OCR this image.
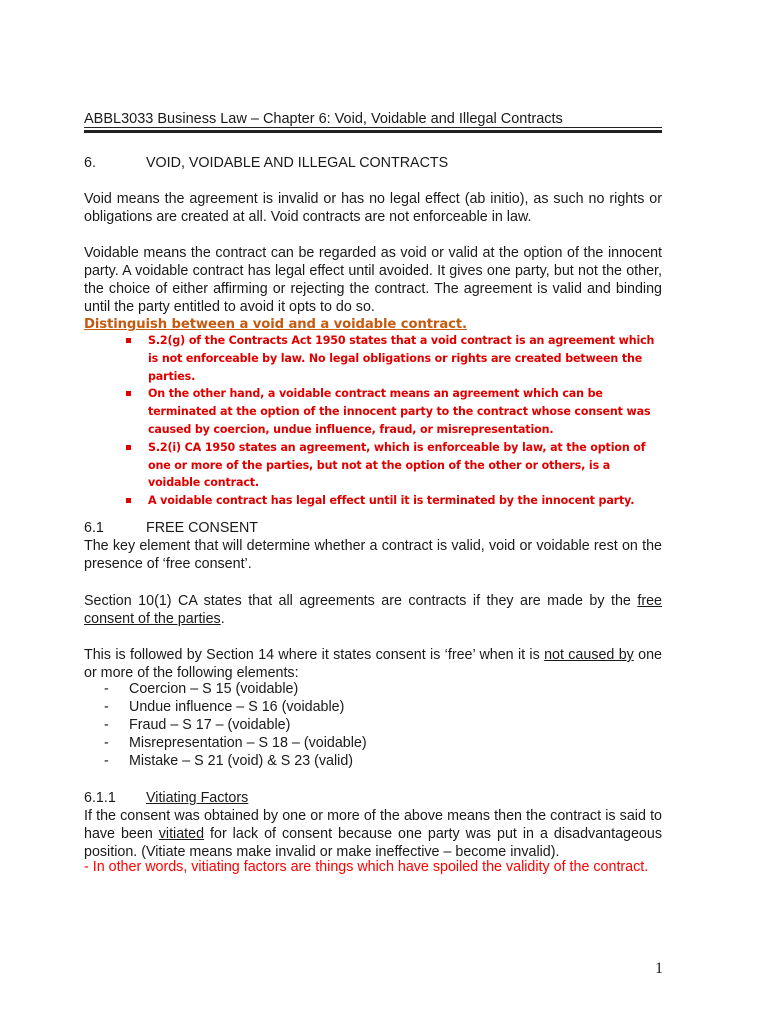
ABBL3033 Business Law – Chapter 6: Void, Voidable and Illegal Contracts
6.	VOID, VOIDABLE AND ILLEGAL CONTRACTS
Void means the agreement is invalid or has no legal effect (ab initio), as such no rights or obligations are created at all. Void contracts are not enforceable in law.
Voidable means the contract can be regarded as void or valid at the option of the innocent party. A voidable contract has legal effect until avoided. It gives one party, but not the other, the choice of either affirming or rejecting the contract. The agreement is valid and binding until the party entitled to avoid it opts to do so.
Distinguish between a void and a voidable contract.
S.2(g) of the Contracts Act 1950 states that a void contract is an agreement which is not enforceable by law. No legal obligations or rights are created between the parties.
On the other hand, a voidable contract means an agreement which can be terminated at the option of the innocent party to the contract whose consent was caused by coercion, undue influence, fraud, or misrepresentation.
S.2(i) CA 1950 states an agreement, which is enforceable by law, at the option of one or more of the parties, but not at the option of the other or others, is a voidable contract.
A voidable contract has legal effect until it is terminated by the innocent party.
6.1	FREE CONSENT
The key element that will determine whether a contract is valid, void or voidable rest on the presence of ‘free consent’.
Section 10(1) CA states that all agreements are contracts if they are made by the free consent of the parties.
This is followed by Section 14 where it states consent is ‘free’ when it is not caused by one or more of the following elements:
- Coercion – S 15 (voidable)
- Undue influence – S 16 (voidable)
- Fraud – S 17 – (voidable)
- Misrepresentation – S 18 – (voidable)
- Mistake – S 21 (void) & S 23 (valid)
6.1.1 Vitiating Factors
If the consent was obtained by one or more of the above means then the contract is said to have been vitiated for lack of consent because one party was put in a disadvantageous position. (Vitiate means make invalid or make ineffective – become invalid).
- In other words, vitiating factors are things which have spoiled the validity of the contract.
1
